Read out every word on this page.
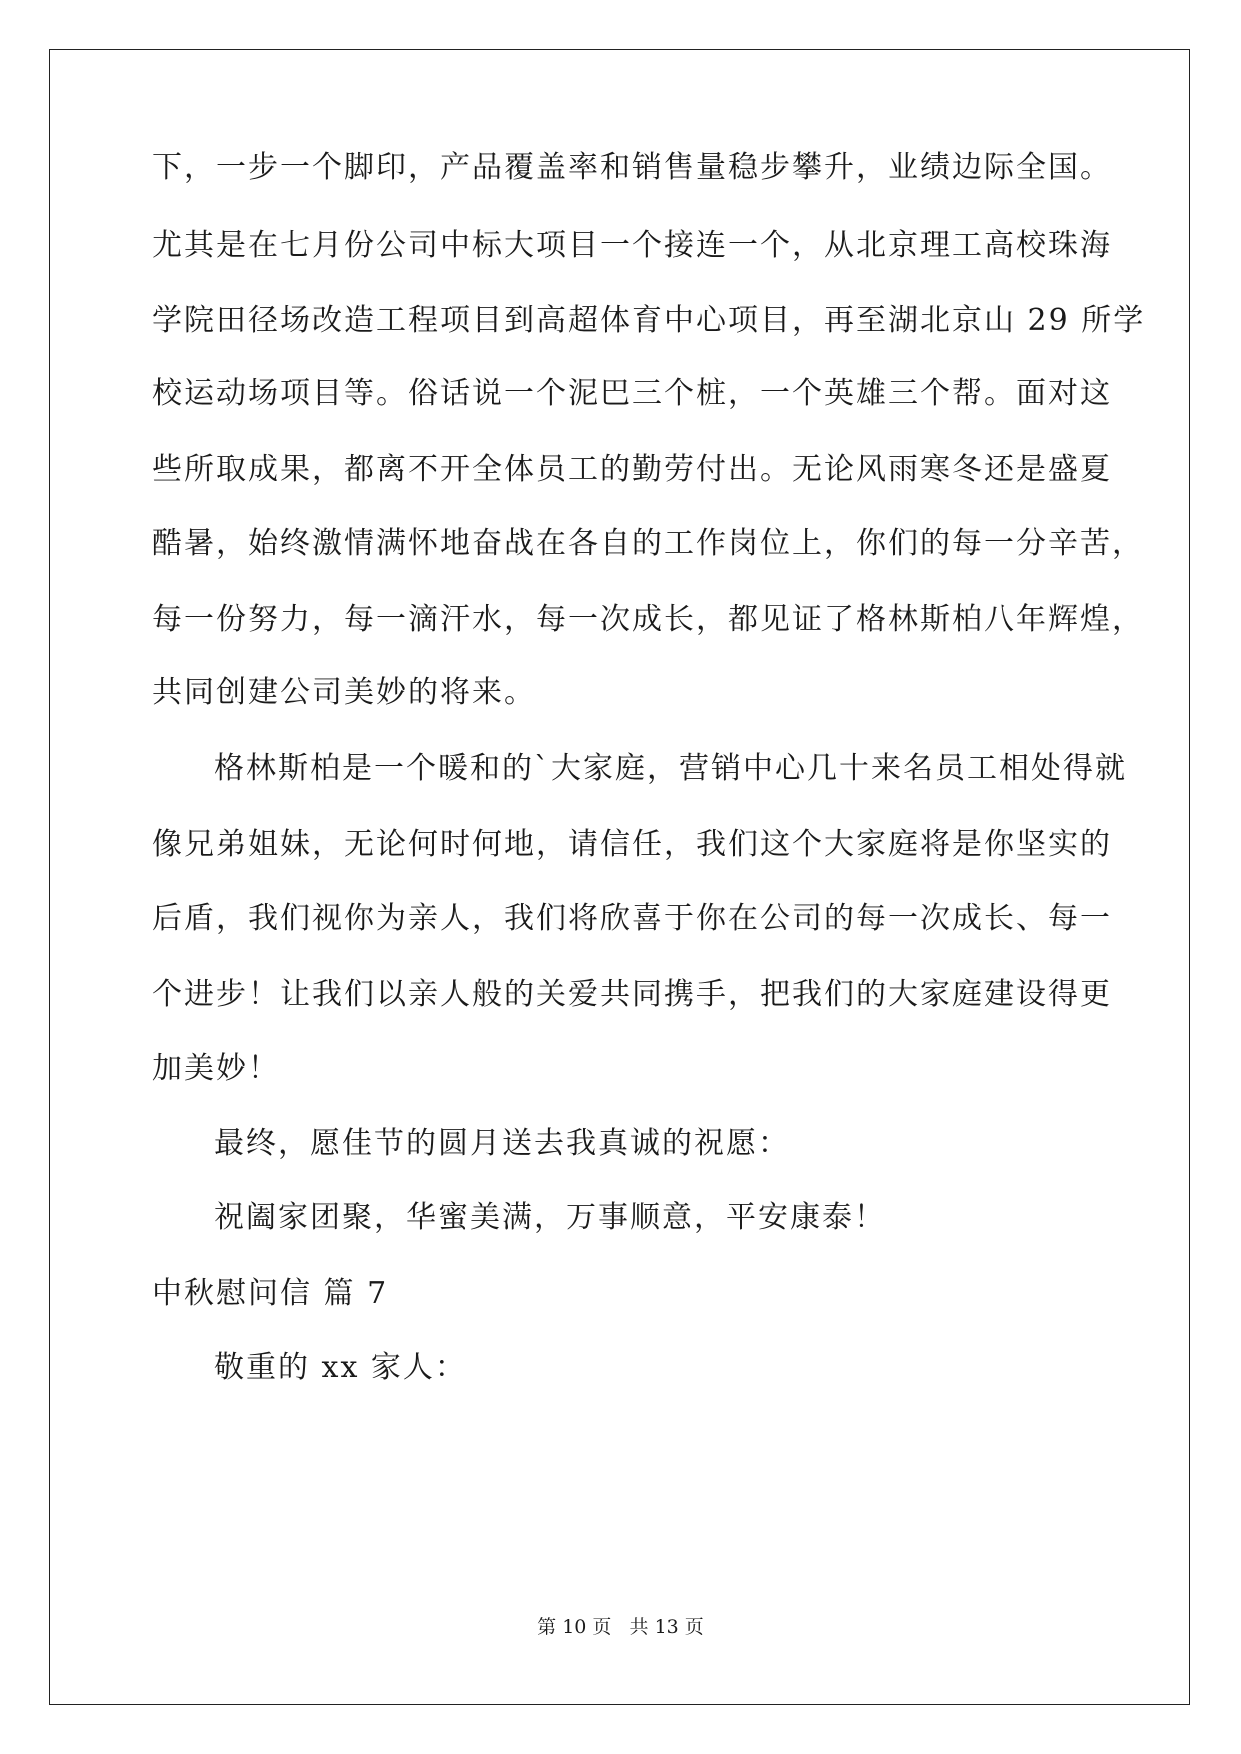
下，一步一个脚印，产品覆盖率和销售量稳步攀升，业绩边际全国。
尤其是在七月份公司中标大项目一个接连一个，从北京理工高校珠海
学院田径场改造工程项目到高超体育中心项目，再至湖北京山 29 所学
校运动场项目等。俗话说一个泥巴三个桩，一个英雄三个帮。面对这
些所取成果，都离不开全体员工的勤劳付出。无论风雨寒冬还是盛夏
酷暑，始终激情满怀地奋战在各自的工作岗位上，你们的每一分辛苦，
每一份努力，每一滴汗水，每一次成长，都见证了格林斯柏八年辉煌，
共同创建公司美妙的将来。
格林斯柏是一个暖和的`大家庭，营销中心几十来名员工相处得就
像兄弟姐妹，无论何时何地，请信任，我们这个大家庭将是你坚实的
后盾，我们视你为亲人，我们将欣喜于你在公司的每一次成长、每一
个进步！让我们以亲人般的关爱共同携手，把我们的大家庭建设得更
加美妙！
最终，愿佳节的圆月送去我真诚的祝愿：
祝阖家团聚，华蜜美满，万事顺意，平安康泰！
中秋慰问信 篇 7
敬重的 xx 家人：
第 10 页   共 13 页
